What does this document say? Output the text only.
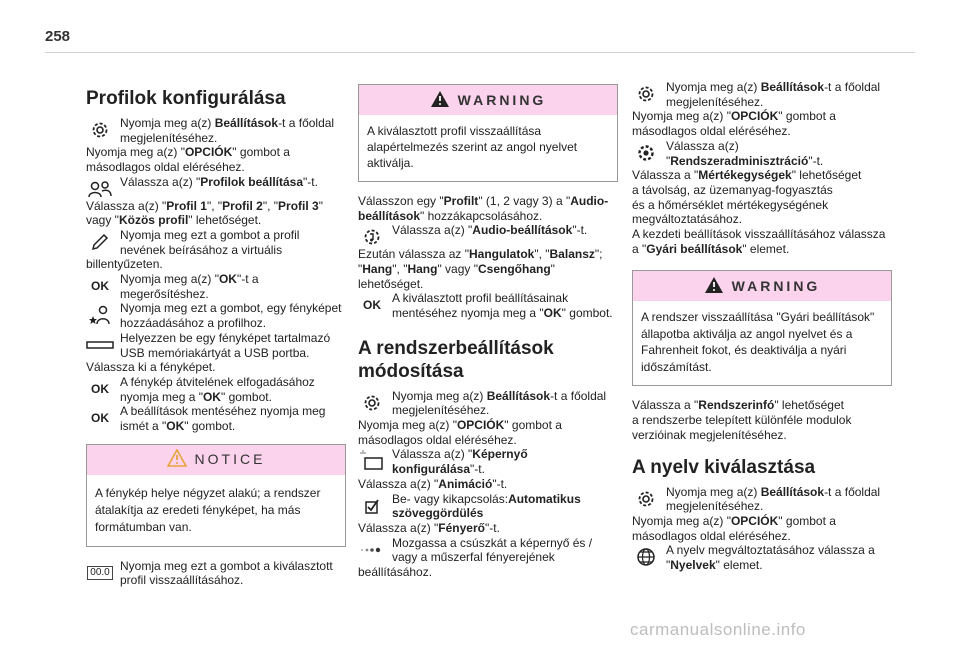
258
Profilok konfigurálása
Nyomja meg a(z) Beállítások-t a főoldal
megjelenítéséhez.
Nyomja meg a(z) "OPCIÓK" gombot a
másodlagos oldal eléréséhez.
Válassza a(z) "Profilok beállítása"-t.
Válassza a(z) "Profil 1", "Profil 2", "Profil 3"
vagy "Közös profil" lehetőséget.
Nyomja meg ezt a gombot a profil
nevének beírásához a virtuális
billentyűzeten.
OK Nyomja meg a(z) "OK"-t a
megerősítéshez.
Nyomja meg ezt a gombot, egy fényképet
hozzáadásához a profilhoz.
Helyezzen be egy fényképet tartalmazó
USB memóriakártyát a USB portba.
Válassza ki a fényképet.
OK A fénykép átvitelének elfogadásához
nyomja meg a "OK" gombot.
OK A beállítások mentéséhez nyomja meg
ismét a "OK" gombot.
NOTICE
A fénykép helye négyzet alakú; a rendszer
átalakítja az eredeti fényképet, ha más
formátumban van.
00.0 Nyomja meg ezt a gombot a kiválasztott
profil visszaállításához.
WARNING
A kiválasztott profil visszaállítása
alapértelmezés szerint az angol nyelvet
aktiválja.
Válasszon egy "Profilt" (1, 2 vagy 3) a "Audio-
beállítások" hozzákapcsolásához.
Válassza a(z) "Audio-beállítások"-t.
Ezután válassza az "Hangulatok", "Balansz";
"Hang", "Hang" vagy "Csengőhang"
lehetőséget.
OK A kiválasztott profil beállításainak
mentéséhez nyomja meg a "OK" gombot.
A rendszerbeállítások
módosítása
Nyomja meg a(z) Beállítások-t a főoldal
megjelenítéséhez.
Nyomja meg a(z) "OPCIÓK" gombot a
másodlagos oldal eléréséhez.
Válassza a(z) "Képernyő
konfigurálása"-t.
Válassza a(z) "Animáció"-t.
Be- vagy kikapcsolás:Automatikus
szöveggördülés
Válassza a(z) "Fényerő"-t.
Mozgassa a csúszkát a képernyő és /
vagy a műszerfal fényerejének
beállításához.
Nyomja meg a(z) Beállítások-t a főoldal
megjelenítéséhez.
Nyomja meg a(z) "OPCIÓK" gombot a
másodlagos oldal eléréséhez.
Válassza a(z)
"Rendszeradminisztráció"-t.
Válassza a "Mértékegységek" lehetőséget
a távolság, az üzemanyag-fogyasztás
és a hőmérséklet mértékegységének
megváltoztatásához.
A kezdeti beállítások visszaállításához válassza
a "Gyári beállítások" elemet.
WARNING
A rendszer visszaállítása "Gyári beállítások"
állapotba aktiválja az angol nyelvet és a
Fahrenheit fokot, és deaktiválja a nyári
időszámítást.
Válassza a "Rendszerinfó" lehetőséget
a rendszerbe telepített különféle modulok
verzióinak megjelenítéséhez.
A nyelv kiválasztása
Nyomja meg a(z) Beállítások-t a főoldal
megjelenítéséhez.
Nyomja meg a(z) "OPCIÓK" gombot a
másodlagos oldal eléréséhez.
A nyelv megváltoztatásához válassza a
"Nyelvek" elemet.
carmanualsonline.info
